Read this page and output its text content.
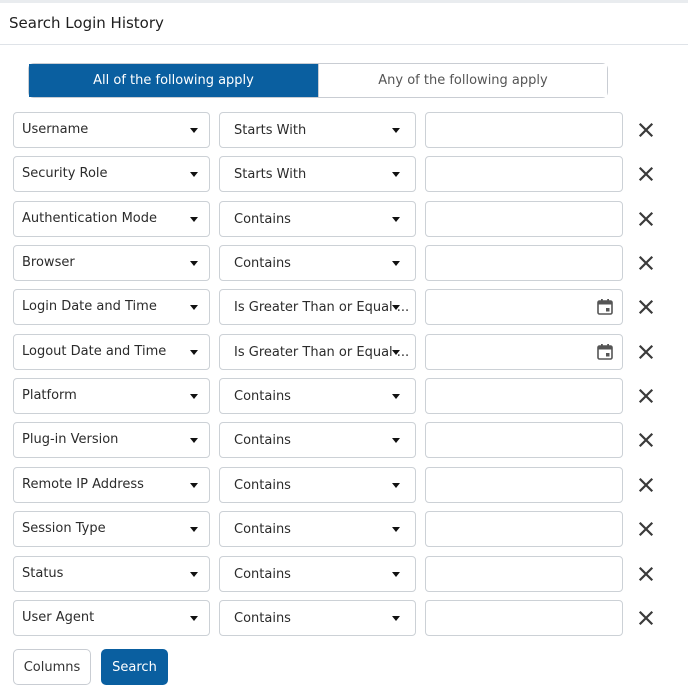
Search Login History
All of the following apply	Any of the following apply
Username	Starts With
Security Role	Starts With
Authentication Mode	Contains
Browser	Contains
Login Date and Time	Is Greater Than or Equal ...
Logout Date and Time	Is Greater Than or Equal ...
Platform	Contains
Plug-in Version	Contains
Remote IP Address	Contains
Session Type	Contains
Status	Contains
User Agent	Contains
Columns	Search
